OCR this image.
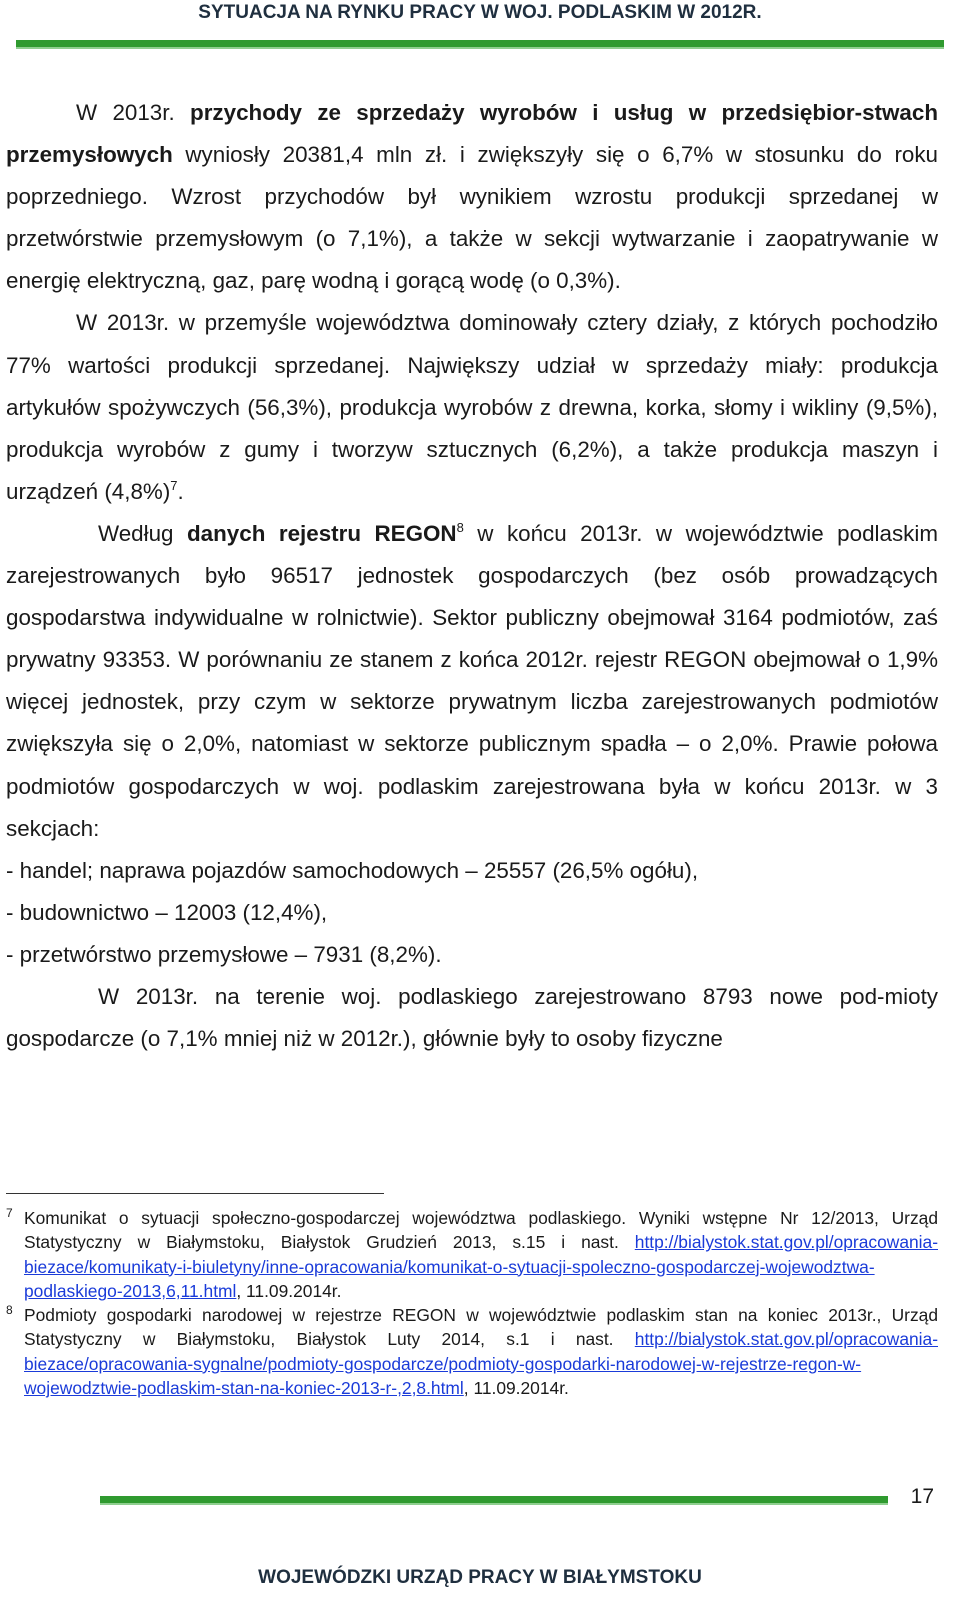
SYTUACJA NA RYNKU PRACY W WOJ. PODLASKIM W 2012R.

W 2013r. przychody ze sprzedaży wyrobów i usług w przedsiębior-stwach przemysłowych wyniosły 20381,4 mln zł. i zwiększyły się o 6,7% w stosunku do roku poprzedniego. Wzrost przychodów był wynikiem wzrostu produkcji sprzedanej w przetwórstwie przemysłowym (o 7,1%), a także w sekcji wytwarzanie i zaopatrywanie w energię elektryczną, gaz, parę wodną i gorącą wodę (o 0,3%).

W 2013r. w przemyśle województwa dominowały cztery działy, z których pochodziło 77% wartości produkcji sprzedanej. Największy udział w sprzedaży miały: produkcja artykułów spożywczych (56,3%), produkcja wyrobów z drewna, korka, słomy i wikliny (9,5%), produkcja wyrobów z gumy i tworzyw sztucznych (6,2%), a także produkcja maszyn i urządzeń (4,8%)$^7$.

Według danych rejestru REGON$^8$ w końcu 2013r. w województwie podlaskim zarejestrowanych było 96517 jednostek gospodarczych (bez osób prowadzących gospodarstwa indywidualne w rolnictwie). Sektor publiczny obejmował 3164 podmiotów, zaś prywatny 93353. W porównaniu ze stanem z końca 2012r. rejestr REGON obejmował o 1,9% więcej jednostek, przy czym w sektorze prywatnym liczba zarejestrowanych podmiotów zwiększyła się o 2,0%, natomiast w sektorze publicznym spadła – o 2,0%. Prawie połowa podmiotów gospodarczych w woj. podlaskim zarejestrowana była w końcu 2013r. w 3 sekcjach:

- handel; naprawa pojazdów samochodowych – 25557 (26,5% ogółu),

- budownictwo – 12003 (12,4%),

- przetwórstwo przemysłowe – 7931 (8,2%).

W 2013r. na terenie woj. podlaskiego zarejestrowano 8793 nowe pod-mioty gospodarcze (o 7,1% mniej niż w 2012r.), głównie były to osoby fizyczne

7 Komunikat o sytuacji społeczno-gospodarczej województwa podlaskiego. Wyniki wstępne Nr 12/2013, Urząd Statystyczny w Białymstoku, Białystok Grudzień 2013, s.15 i nast. http://bialystok.stat.gov.pl/opracowania-biezace/komunikaty-i-biuletyny/inne-opracowania/komunikat-o-sytuacji-spoleczno-gospodarczej-wojewodztwa-podlaskiego-2013,6,11.html, 11.09.2014r.

8 Podmioty gospodarki narodowej w rejestrze REGON w województwie podlaskim stan na koniec 2013r., Urząd Statystyczny w Białymstoku, Białystok Luty 2014, s.1 i nast. http://bialystok.stat.gov.pl/opracowania-biezace/opracowania-sygnalne/podmioty-gospodarcze/podmioty-gospodarki-narodowej-w-rejestrze-regon-w-wojewodztwie-podlaskim-stan-na-koniec-2013-r-,2,8.html, 11.09.2014r.

17
WOJEWÓDZKI URZĄD PRACY W BIAŁYMSTOKU
